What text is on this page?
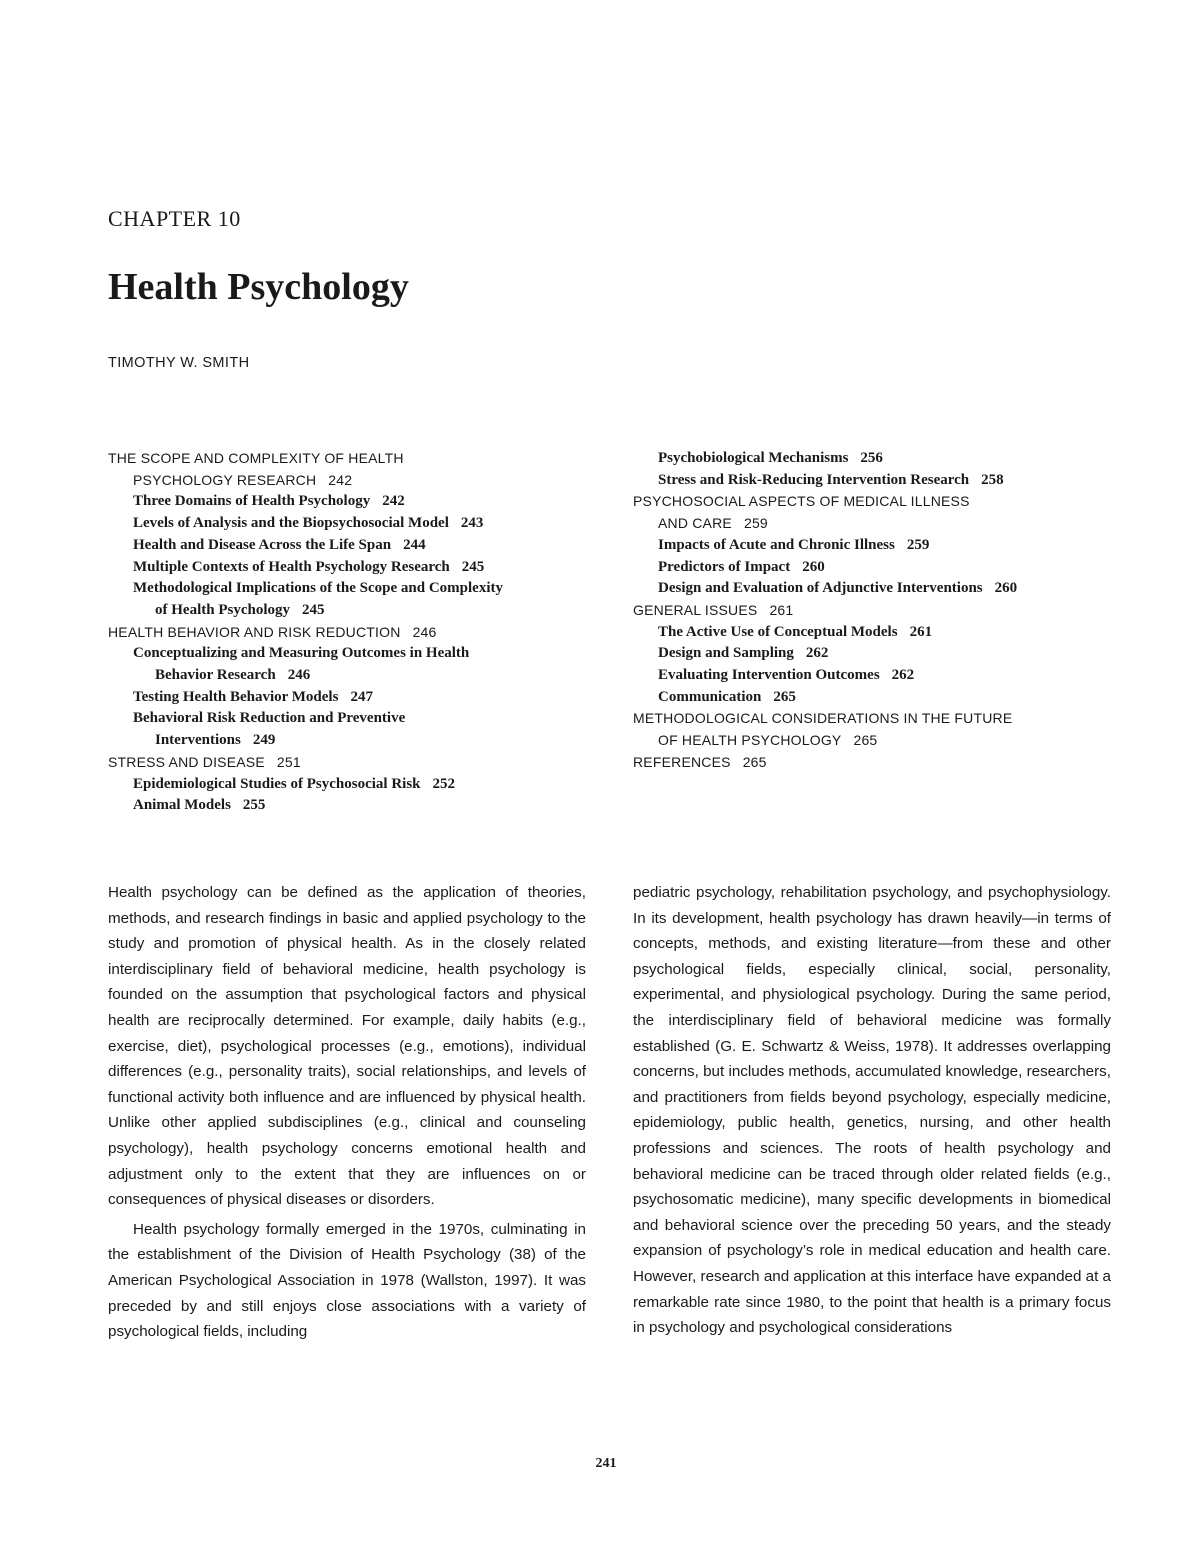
CHAPTER 10
Health Psychology
TIMOTHY W. SMITH
THE SCOPE AND COMPLEXITY OF HEALTH
PSYCHOLOGY RESEARCH 242
Three Domains of Health Psychology 242
Levels of Analysis and the Biopsychosocial Model 243
Health and Disease Across the Life Span 244
Multiple Contexts of Health Psychology Research 245
Methodological Implications of the Scope and Complexity
of Health Psychology 245
HEALTH BEHAVIOR AND RISK REDUCTION 246
Conceptualizing and Measuring Outcomes in Health
Behavior Research 246
Testing Health Behavior Models 247
Behavioral Risk Reduction and Preventive
Interventions 249
STRESS AND DISEASE 251
Epidemiological Studies of Psychosocial Risk 252
Animal Models 255
Psychobiological Mechanisms 256
Stress and Risk-Reducing Intervention Research 258
PSYCHOSOCIAL ASPECTS OF MEDICAL ILLNESS
AND CARE 259
Impacts of Acute and Chronic Illness 259
Predictors of Impact 260
Design and Evaluation of Adjunctive Interventions 260
GENERAL ISSUES 261
The Active Use of Conceptual Models 261
Design and Sampling 262
Evaluating Intervention Outcomes 262
Communication 265
METHODOLOGICAL CONSIDERATIONS IN THE FUTURE
OF HEALTH PSYCHOLOGY 265
REFERENCES 265

Health psychology can be defined as the application of theories, methods, and research findings in basic and applied psychology to the study and promotion of physical health. As in the closely related interdisciplinary field of behavioral medicine, health psychology is founded on the assumption that psychological factors and physical health are reciprocally determined. For example, daily habits (e.g., exercise, diet), psychological processes (e.g., emotions), individual differences (e.g., personality traits), social relationships, and levels of functional activity both influence and are influenced by physical health. Unlike other applied subdisciplines (e.g., clinical and counseling psychology), health psychology concerns emotional health and adjustment only to the extent that they are influences on or consequences of physical diseases or disorders.

Health psychology formally emerged in the 1970s, culminating in the establishment of the Division of Health Psychology (38) of the American Psychological Association in 1978 (Wallston, 1997). It was preceded by and still enjoys close associations with a variety of psychological fields, including

pediatric psychology, rehabilitation psychology, and psychophysiology. In its development, health psychology has drawn heavily—in terms of concepts, methods, and existing literature—from these and other psychological fields, especially clinical, social, personality, experimental, and physiological psychology. During the same period, the interdisciplinary field of behavioral medicine was formally established (G. E. Schwartz & Weiss, 1978). It addresses overlapping concerns, but includes methods, accumulated knowledge, researchers, and practitioners from fields beyond psychology, especially medicine, epidemiology, public health, genetics, nursing, and other health professions and sciences. The roots of health psychology and behavioral medicine can be traced through older related fields (e.g., psychosomatic medicine), many specific developments in biomedical and behavioral science over the preceding 50 years, and the steady expansion of psychology’s role in medical education and health care. However, research and application at this interface have expanded at a remarkable rate since 1980, to the point that health is a primary focus in psychology and psychological considerations

241
